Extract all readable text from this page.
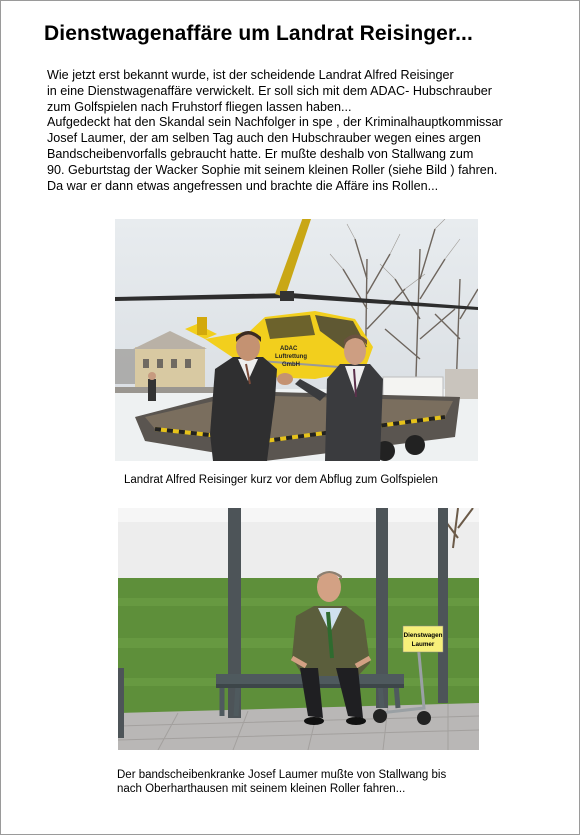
Dienstwagenaffäre um Landrat Reisinger...
Wie jetzt erst bekannt wurde, ist der scheidende Landrat Alfred Reisinger
in eine Dienstwagenaffäre verwickelt. Er soll sich mit dem ADAC- Hubschrauber
zum Golfspielen nach Fruhstorf fliegen lassen haben...
Aufgedeckt hat den Skandal sein Nachfolger in spe , der Kriminalhauptkommissar
Josef Laumer, der am selben Tag auch den Hubschrauber wegen eines argen
Bandscheibenvorfalls gebraucht hatte. Er mußte deshalb von Stallwang zum
90. Geburtstag der Wacker Sophie mit seinem kleinen Roller (siehe Bild ) fahren.
Da war er dann etwas angefressen und brachte die Affäre ins Rollen...
ADAC
Luftrettung
GmbH
Landrat Alfred Reisinger kurz vor dem Abflug zum Golfspielen
Dienstwagen
Laumer
Der bandscheibenkranke Josef Laumer mußte von Stallwang bis
nach Oberharthausen mit seinem kleinen Roller fahren...
